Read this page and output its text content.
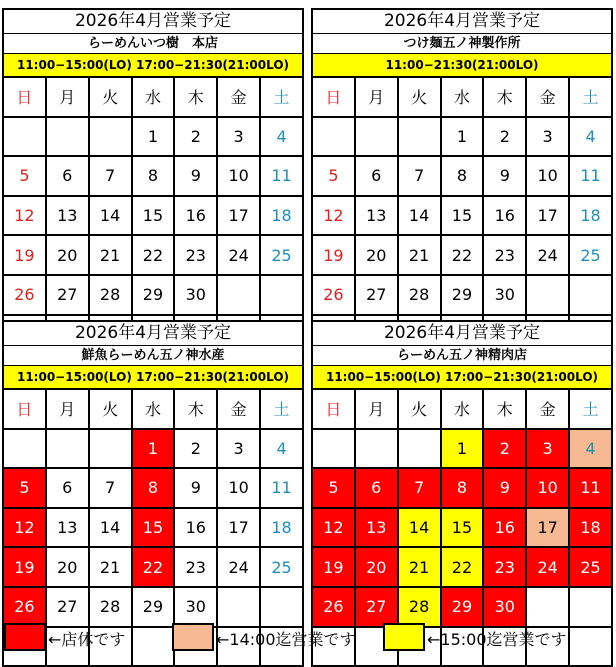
2026年4月営業予定
らーめんいつ樹　本店
11:00−15:00(LO) 17:00−21:30(21:00LO)
日	月	火	水	木	金	土
			1	2	3	4
5	6	7	8	9	10	11
12	13	14	15	16	17	18
19	20	21	22	23	24	25
26	27	28	29	30		

2026年4月営業予定
つけ麺五ノ神製作所
11:00−21:30(21:00LO)
日	月	火	水	木	金	土
			1	2	3	4
5	6	7	8	9	10	11
12	13	14	15	16	17	18
19	20	21	22	23	24	25
26	27	28	29	30		

2026年4月営業予定
鮮魚らーめん五ノ神水産
11:00−15:00(LO) 17:00−21:30(21:00LO)
日	月	火	水	木	金	土
			1	2	3	4
5	6	7	8	9	10	11
12	13	14	15	16	17	18
19	20	21	22	23	24	25
26	27	28	29	30		

2026年4月営業予定
らーめん五ノ神精肉店
11:00−15:00(LO) 17:00−21:30(21:00LO)
日	月	火	水	木	金	土
			1	2	3	4
5	6	7	8	9	10	11
12	13	14	15	16	17	18
19	20	21	22	23	24	25
26	27	28	29	30		

←店休です	←14:00迄営業です	←15:00迄営業です
